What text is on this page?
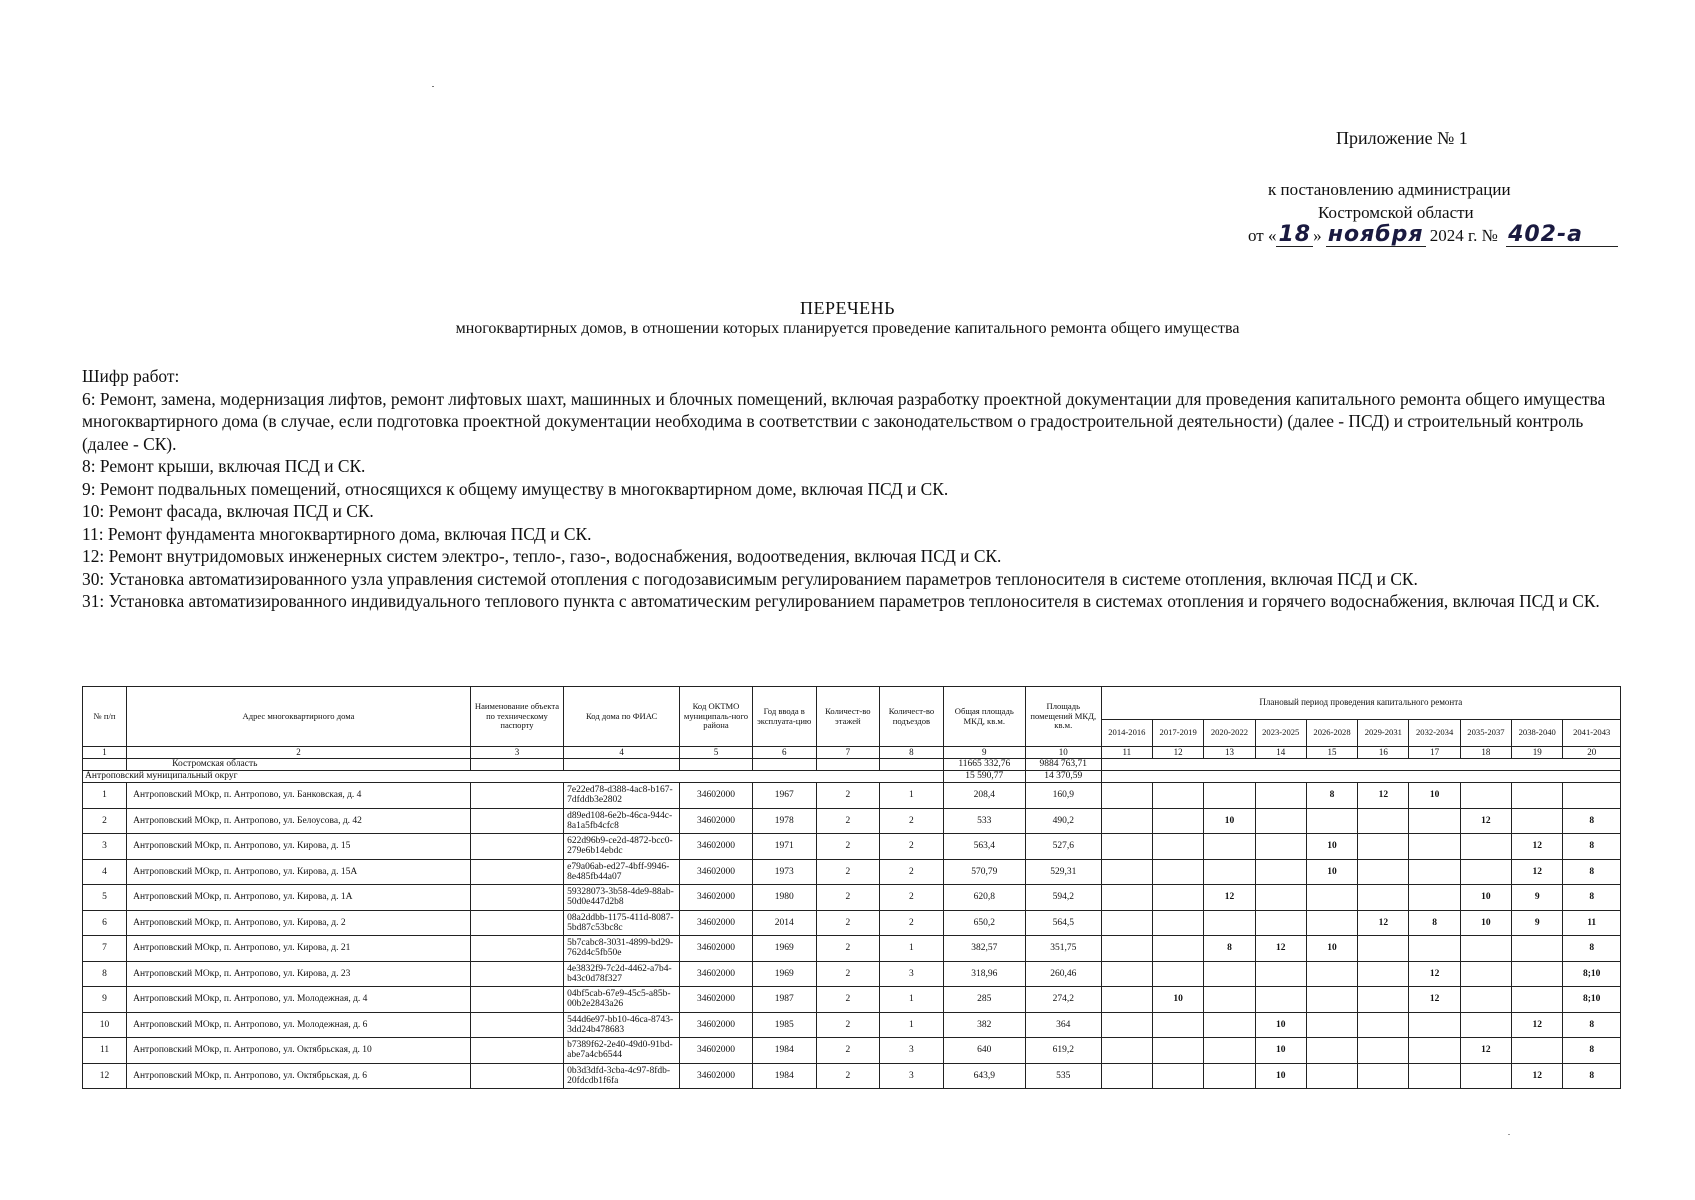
Приложение № 1
к постановлению администрации
Костромской области
от «18 » ноября 2024 г. № 402-а
ПЕРЕЧЕНЬ
многоквартирных домов, в отношении которых планируется проведение капитального ремонта общего имущества

Шифр работ:

6: Ремонт, замена, модернизация лифтов, ремонт лифтовых шахт, машинных и блочных помещений, включая разработку проектной документации для проведения капитального ремонта общего имущества многоквартирного дома (в случае, если подготовка проектной документации необходима в соответствии с законодательством о градостроительной деятельности) (далее - ПСД) и строительный контроль (далее - СК).

8: Ремонт крыши, включая ПСД и СК.

9: Ремонт подвальных помещений, относящихся к общему имуществу в многоквартирном доме, включая ПСД и СК.

10: Ремонт фасада, включая ПСД и СК.

11: Ремонт фундамента многоквартирного дома, включая ПСД и СК.

12: Ремонт внутридомовых инженерных систем электро-, тепло-, газо-, водоснабжения, водоотведения, включая ПСД и СК.

30: Установка автоматизированного узла управления системой отопления с погодозависимым регулированием параметров теплоносителя в системе отопления, включая ПСД и СК.

31: Установка автоматизированного индивидуального теплового пункта с автоматическим регулированием параметров теплоносителя в системах отопления и горячего водоснабжения, включая ПСД и СК.

№ п/п	Адрес многоквартирного дома	Наименование объекта по техническому паспорту	Код дома по ФИАС	Код ОКТМО муниципаль-ного района	Год ввода в эксплуата-цию	Количест-во этажей	Количест-во подъездов	Общая площадь МКД, кв.м.	Площадь помещений МКД, кв.м.	Плановый период проведения капитального ремонта									
										2014-2016	2017-2019	2020-2022	2023-2025	2026-2028	2029-2031	2032-2034	2035-2037	2038-2040	2041-2043
1	2	3	4	5	6	7	8	9	10	11	12	13	14	15	16	17	18	19	20
	Костромская область							11665 332,76	9884 763,71										
Антроповский муниципальный округ								15 590,77	14 370,59										
1	Антроповский МОкр, п. Антропово, ул. Банковская, д. 4		7e22ed78-d388-4ac8-b167-7dfddb3e2802	34602000	1967	2	1	208,4	160,9					8	12	10			
2	Антроповский МОкр, п. Антропово, ул. Белоусова, д. 42		d89ed108-6e2b-46ca-944c-8a1a5fb4cfc8	34602000	1978	2	2	533	490,2			10					12		8
3	Антроповский МОкр, п. Антропово, ул. Кирова, д. 15		622d96b9-ce2d-4872-bcc0-279e6b14ebdc	34602000	1971	2	2	563,4	527,6					10				12	8
4	Антроповский МОкр, п. Антропово, ул. Кирова, д. 15А		e79a06ab-ed27-4bff-9946-8e485fb44a07	34602000	1973	2	2	570,79	529,31					10				12	8
5	Антроповский МОкр, п. Антропово, ул. Кирова, д. 1А		59328073-3b58-4de9-88ab-50d0e447d2b8	34602000	1980	2	2	620,8	594,2			12					10	9	8
6	Антроповский МОкр, п. Антропово, ул. Кирова, д. 2		08a2ddbb-1175-411d-8087-5bd87c53bc8c	34602000	2014	2	2	650,2	564,5						12	8	10	9	11
7	Антроповский МОкр, п. Антропово, ул. Кирова, д. 21		5b7cabc8-3031-4899-bd29-762d4c5fb50e	34602000	1969	2	1	382,57	351,75			8	12	10					8
8	Антроповский МОкр, п. Антропово, ул. Кирова, д. 23		4e3832f9-7c2d-4462-a7b4-b43c0d78f327	34602000	1969	2	3	318,96	260,46							12			8;10
9	Антроповский МОкр, п. Антропово, ул. Молодежная, д. 4		04bf5cab-67e9-45c5-a85b-00b2e2843a26	34602000	1987	2	1	285	274,2		10					12			8;10
10	Антроповский МОкр, п. Антропово, ул. Молодежная, д. 6		544d6e97-bb10-46ca-8743-3dd24b478683	34602000	1985	2	1	382	364				10					12	8
11	Антроповский МОкр, п. Антропово, ул. Октябрьская, д. 10		b7389f62-2e40-49d0-91bd-abe7a4cb6544	34602000	1984	2	3	640	619,2				10				12		8
12	Антроповский МОкр, п. Антропово, ул. Октябрьская, д. 6		0b3d3dfd-3cba-4c97-8fdb-20fdcdb1f6fa	34602000	1984	2	3	643,9	535				10					12	8
